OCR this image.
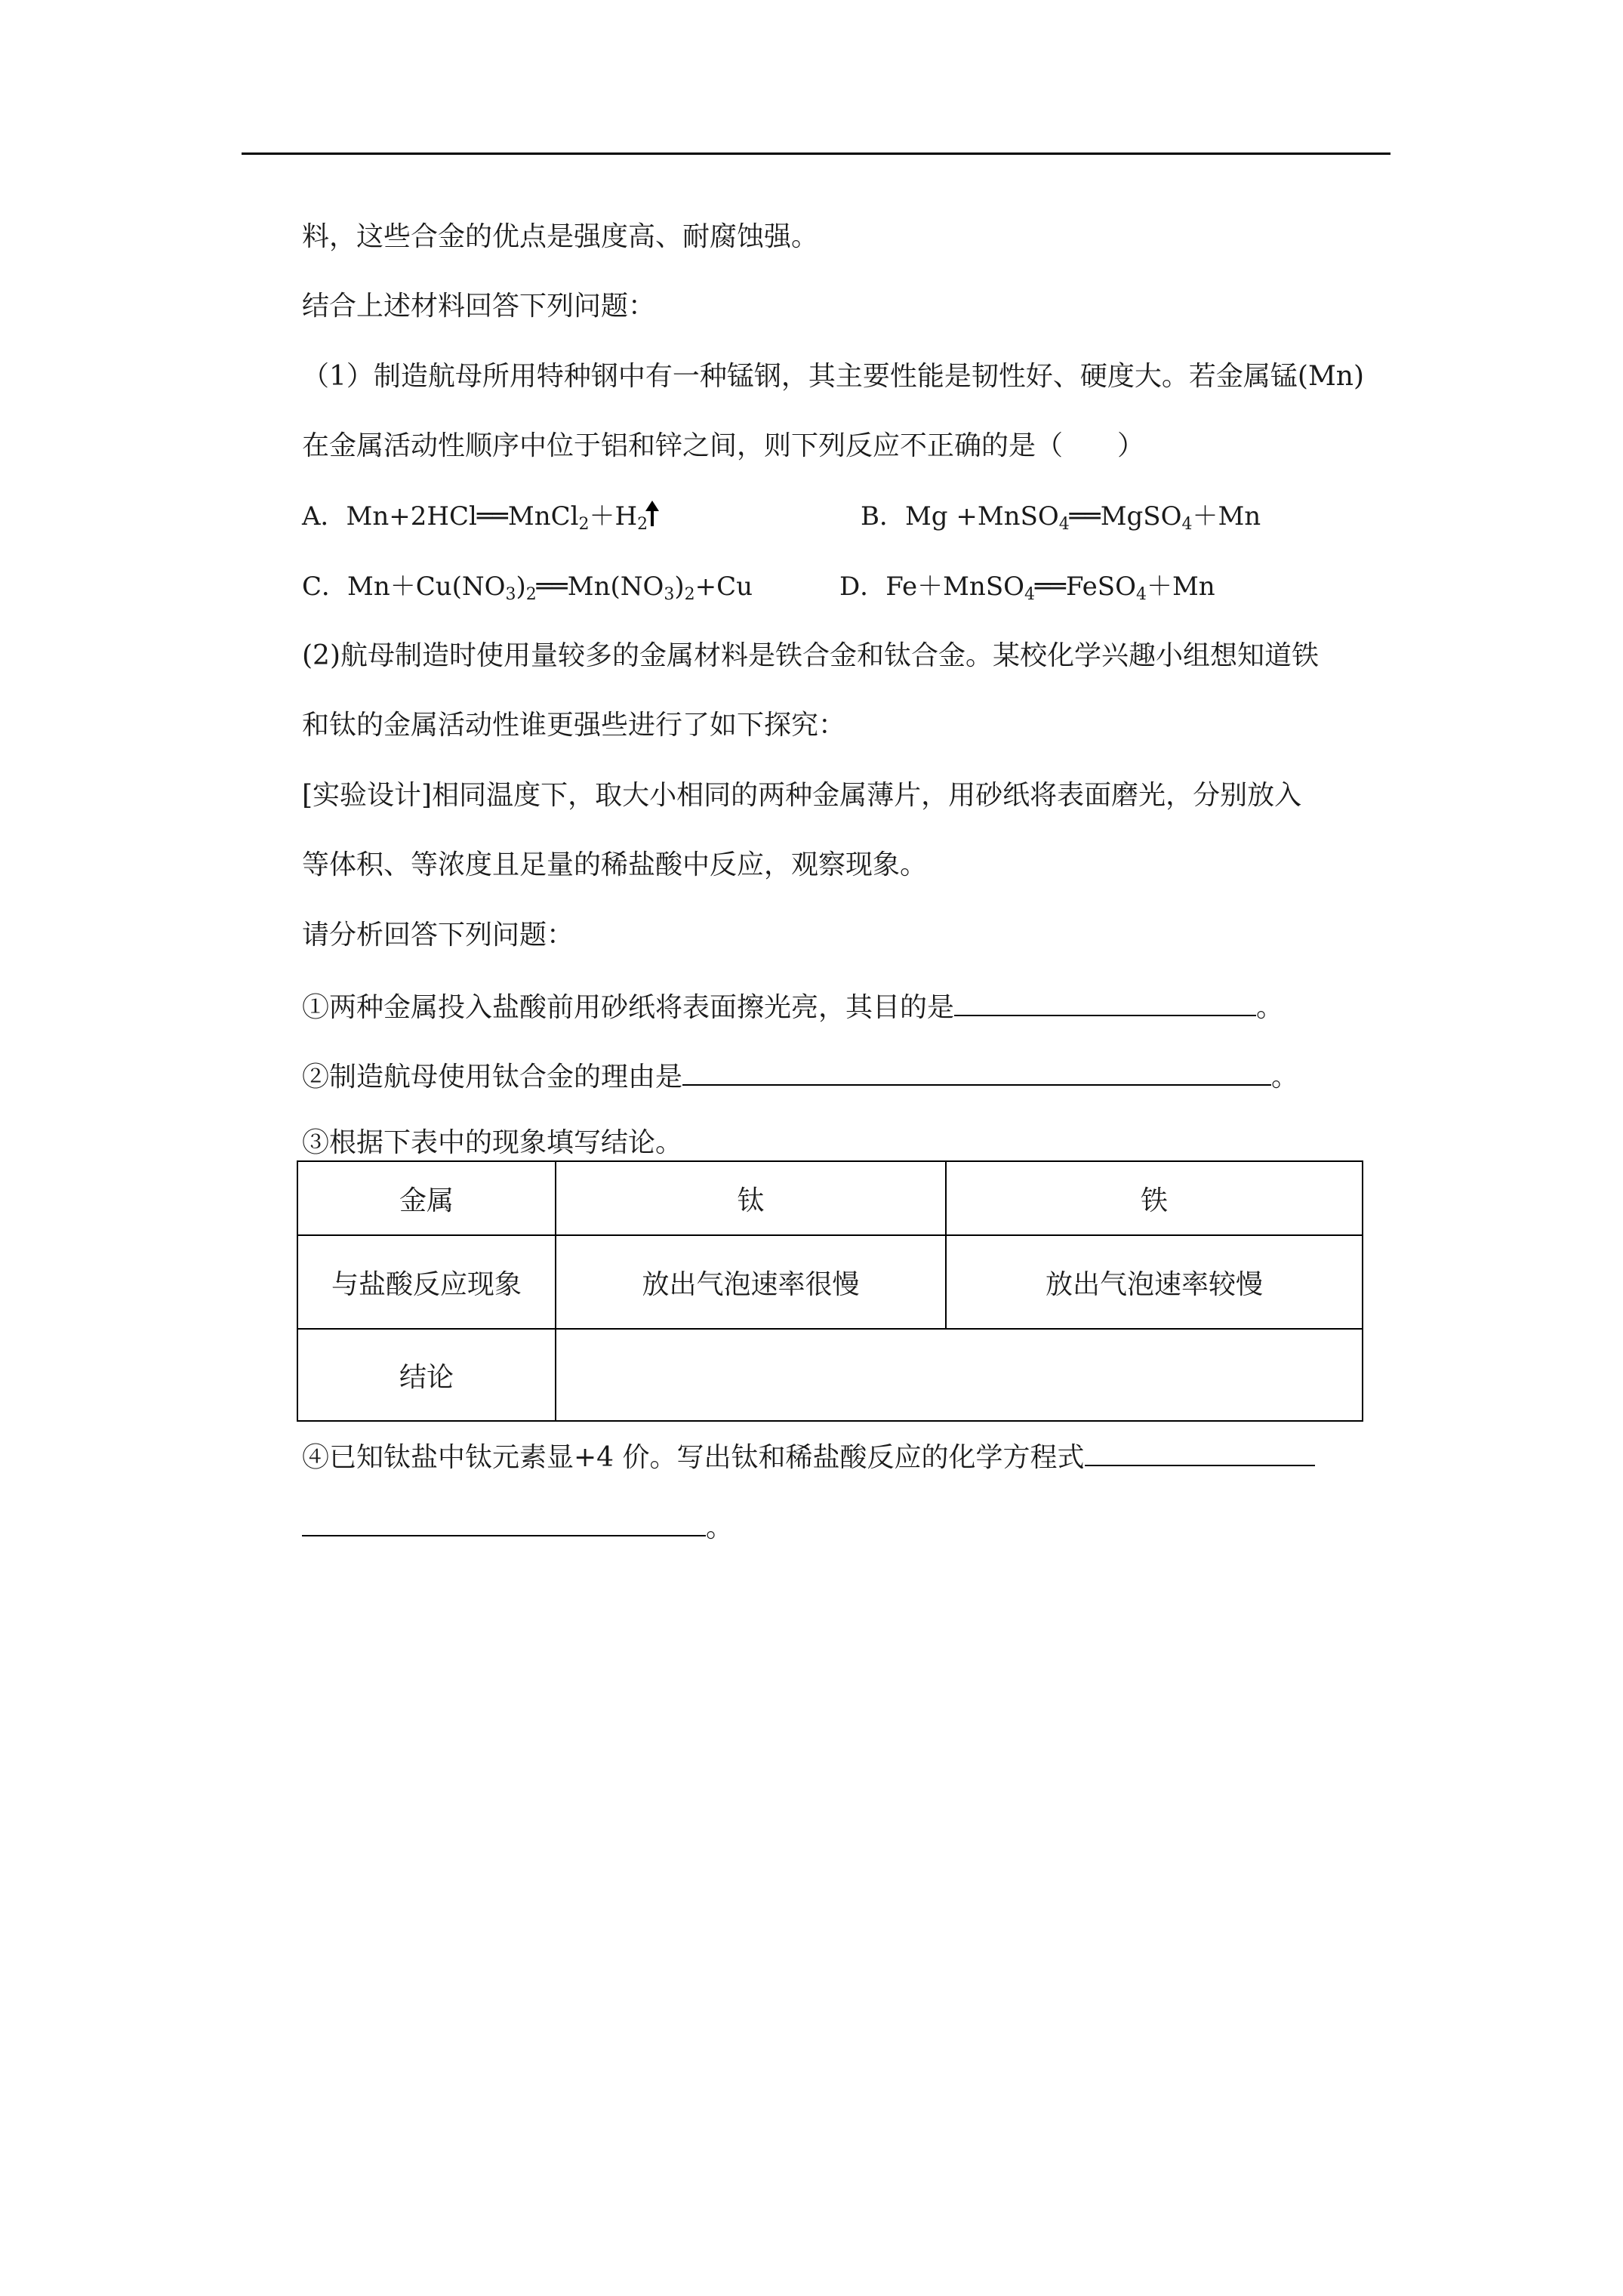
料，这些合金的优点是强度高、耐腐蚀强。
结合上述材料回答下列问题：
（1）制造航母所用特种钢中有一种锰钢，其主要性能是韧性好、硬度大。若金属锰(Mn)
在金属活动性顺序中位于铝和锌之间，则下列反应不正确的是（　　）
A．$Mn+2HCl══MnCl_2+H_2$	B．Mg +MnSO$_4$══MgSO$_4$＋Mn
C．$Mn+Cu(NO_3)_2══Mn(NO_3)_2+Cu$	D．Fe＋MnSO$_4$══FeSO$_4$＋Mn
(2)航母制造时使用量较多的金属材料是铁合金和钛合金。某校化学兴趣小组想知道铁
和钛的金属活动性谁更强些进行了如下探究：
[实验设计]相同温度下，取大小相同的两种金属薄片，用砂纸将表面磨光，分别放入
等体积、等浓度且足量的稀盐酸中反应，观察现象。
请分析回答下列问题：
①两种金属投入盐酸前用砂纸将表面擦光亮，其目的是	。
②制造航母使用钛合金的理由是	。
③根据下表中的现象填写结论。
金属	钛	铁
与盐酸反应现象	放出气泡速率很慢	放出气泡速率较慢
结论		
④已知钛盐中钛元素显+4 价。写出钛和稀盐酸反应的化学方程式
。
